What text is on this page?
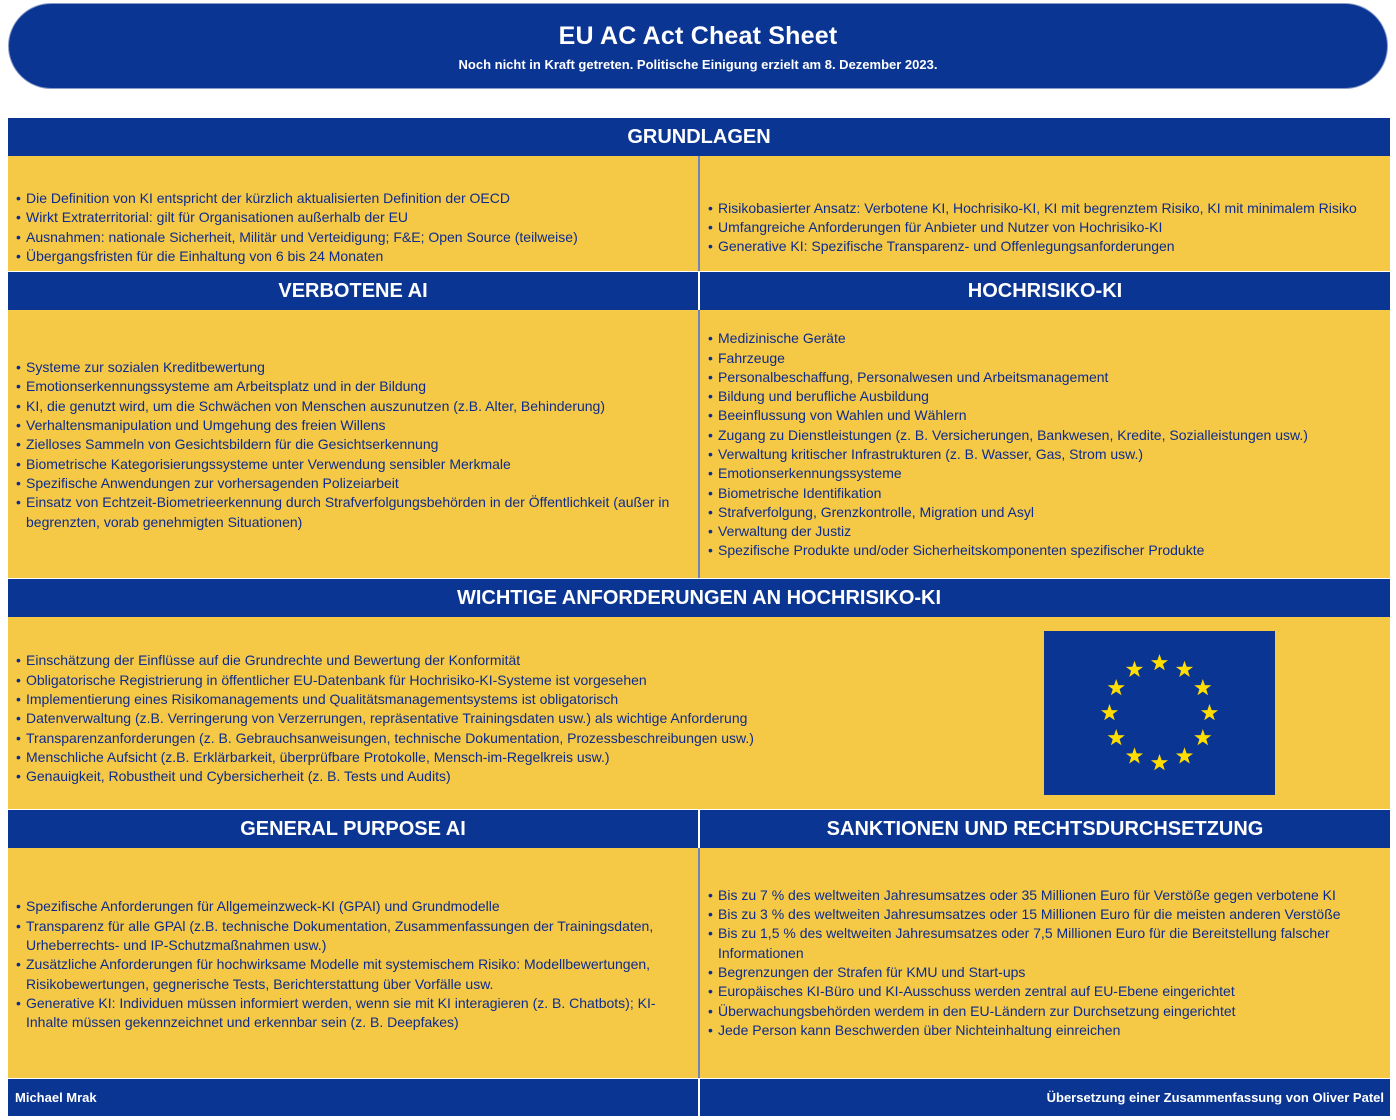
EU AC Act Cheat Sheet
Noch nicht in Kraft getreten. Politische Einigung erzielt am 8. Dezember 2023.
GRUNDLAGEN
• Die Definition von KI entspricht der kürzlich aktualisierten Definition der OECD
• Wirkt Extraterritorial: gilt für Organisationen außerhalb der EU
• Ausnahmen: nationale Sicherheit, Militär und Verteidigung; F&E; Open Source (teilweise)
• Übergangsfristen für die Einhaltung von 6 bis 24 Monaten
• Risikobasierter Ansatz: Verbotene KI, Hochrisiko-KI, KI mit begrenztem Risiko, KI mit minimalem Risiko
• Umfangreiche Anforderungen für Anbieter und Nutzer von Hochrisiko-KI
• Generative KI: Spezifische Transparenz- und Offenlegungsanforderungen
VERBOTENE AI	HOCHRISIKO-KI
• Systeme zur sozialen Kreditbewertung
• Emotionserkennungssysteme am Arbeitsplatz und in der Bildung
• KI, die genutzt wird, um die Schwächen von Menschen auszunutzen (z.B. Alter, Behinderung)
• Verhaltensmanipulation und Umgehung des freien Willens
• Zielloses Sammeln von Gesichtsbildern für die Gesichtserkennung
• Biometrische Kategorisierungssysteme unter Verwendung sensibler Merkmale
• Spezifische Anwendungen zur vorhersagenden Polizeiarbeit
• Einsatz von Echtzeit-Biometrieerkennung durch Strafverfolgungsbehörden in der Öffentlichkeit (außer in begrenzten, vorab genehmigten Situationen)
• Medizinische Geräte
• Fahrzeuge
• Personalbeschaffung, Personalwesen und Arbeitsmanagement
• Bildung und berufliche Ausbildung
• Beeinflussung von Wahlen und Wählern
• Zugang zu Dienstleistungen (z. B. Versicherungen, Bankwesen, Kredite, Sozialleistungen usw.)
• Verwaltung kritischer Infrastrukturen (z. B. Wasser, Gas, Strom usw.)
• Emotionserkennungssysteme
• Biometrische Identifikation
• Strafverfolgung, Grenzkontrolle, Migration und Asyl
• Verwaltung der Justiz
• Spezifische Produkte und/oder Sicherheitskomponenten spezifischer Produkte
WICHTIGE ANFORDERUNGEN AN HOCHRISIKO-KI
• Einschätzung der Einflüsse auf die Grundrechte und Bewertung der Konformität
• Obligatorische Registrierung in öffentlicher EU-Datenbank für Hochrisiko-KI-Systeme ist vorgesehen
• Implementierung eines Risikomanagements und Qualitätsmanagementsystems ist obligatorisch
• Datenverwaltung (z.B. Verringerung von Verzerrungen, repräsentative Trainingsdaten usw.) als wichtige Anforderung
• Transparenzanforderungen (z. B. Gebrauchsanweisungen, technische Dokumentation, Prozessbeschreibungen usw.)
• Menschliche Aufsicht (z.B. Erklärbarkeit, überprüfbare Protokolle, Mensch-im-Regelkreis usw.)
• Genauigkeit, Robustheit und Cybersicherheit (z. B. Tests und Audits)
GENERAL PURPOSE AI	SANKTIONEN UND RECHTSDURCHSETZUNG
• Spezifische Anforderungen für Allgemeinzweck-KI (GPAI) und Grundmodelle
• Transparenz für alle GPAl (z.B. technische Dokumentation, Zusammenfassungen der Trainingsdaten, Urheberrechts- und IP-Schutzmaßnahmen usw.)
• Zusätzliche Anforderungen für hochwirksame Modelle mit systemischem Risiko: Modellbewertungen, Risikobewertungen, gegnerische Tests, Berichterstattung über Vorfälle usw.
• Generative KI: Individuen müssen informiert werden, wenn sie mit KI interagieren (z. B. Chatbots); KI-Inhalte müssen gekennzeichnet und erkennbar sein (z. B. Deepfakes)
• Bis zu 7 % des weltweiten Jahresumsatzes oder 35 Millionen Euro für Verstöße gegen verbotene KI
• Bis zu 3 % des weltweiten Jahresumsatzes oder 15 Millionen Euro für die meisten anderen Verstöße
• Bis zu 1,5 % des weltweiten Jahresumsatzes oder 7,5 Millionen Euro für die Bereitstellung falscher Informationen
• Begrenzungen der Strafen für KMU und Start-ups
• Europäisches KI-Büro und KI-Ausschuss werden zentral auf EU-Ebene eingerichtet
• Überwachungsbehörden werdem in den EU-Ländern zur Durchsetzung eingerichtet
• Jede Person kann Beschwerden über Nichteinhaltung einreichen
Michael Mrak	Übersetzung einer Zusammenfassung von Oliver Patel
